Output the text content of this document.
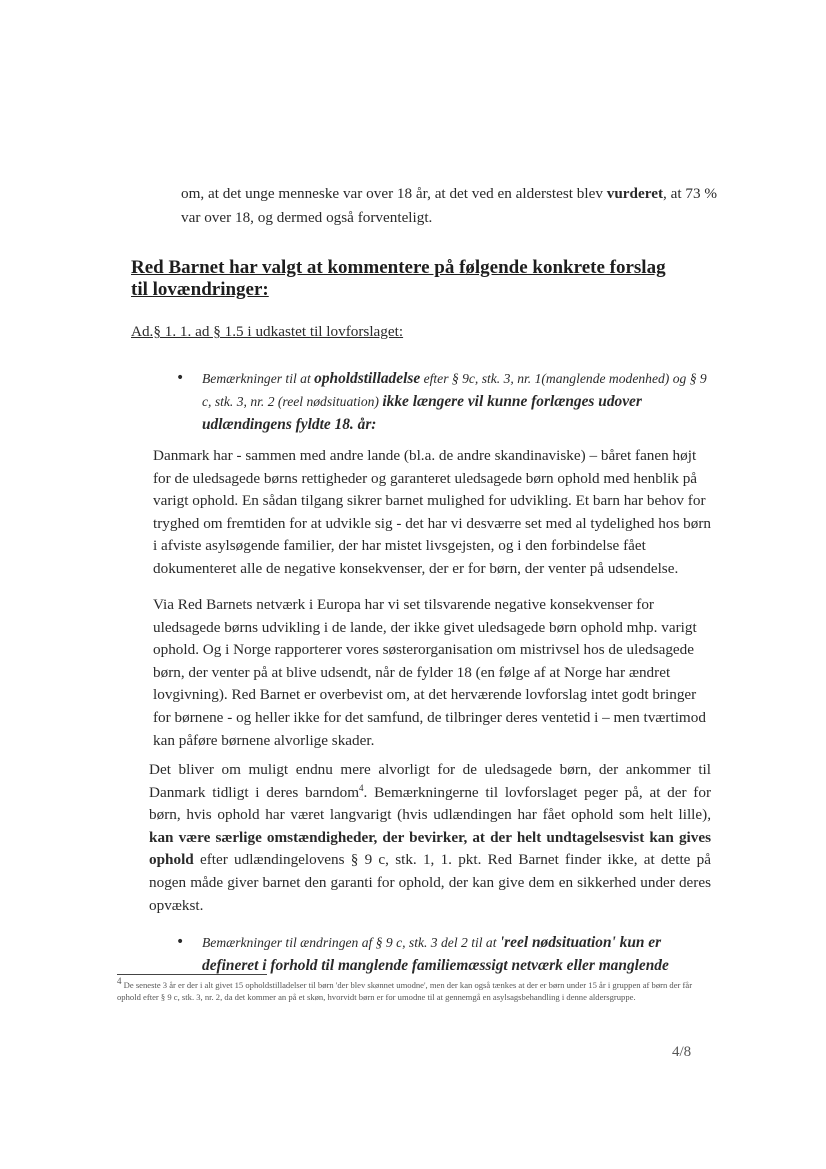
om, at det unge menneske var over 18 år, at det ved en alderstest blev vurderet, at 73 % var over 18, og dermed også forventeligt.

Red Barnet har valgt at kommentere på følgende konkrete forslag til lovændringer:

Ad.§ 1. 1. ad § 1.5 i udkastet til lovforslaget:

• Bemærkninger til at opholdstilladelse efter § 9c, stk. 3, nr. 1(manglende modenhed) og § 9 c, stk. 3, nr. 2 (reel nødsituation) ikke længere vil kunne forlænges udover udlændingens fyldte 18. år:

Danmark har - sammen med andre lande (bl.a. de andre skandinaviske) – båret fanen højt for de uledsagede børns rettigheder og garanteret uledsagede børn ophold med henblik på varigt ophold. En sådan tilgang sikrer barnet mulighed for udvikling. Et barn har behov for tryghed om fremtiden for at udvikle sig - det har vi desværre set med al tydelighed hos børn i afviste asylsøgende familier, der har mistet livsgejsten, og i den forbindelse fået dokumenteret alle de negative konsekvenser, der er for børn, der venter på udsendelse.

Via Red Barnets netværk i Europa har vi set tilsvarende negative konsekvenser for uledsagede børns udvikling i de lande, der ikke givet uledsagede børn ophold mhp. varigt ophold. Og i Norge rapporterer vores søsterorganisation om mistrivsel hos de uledsagede børn, der venter på at blive udsendt, når de fylder 18 (en følge af at Norge har ændret lovgivning). Red Barnet er overbevist om, at det herværende lovforslag intet godt bringer for børnene - og heller ikke for det samfund, de tilbringer deres ventetid i – men tværtimod kan påføre børnene alvorlige skader.

Det bliver om muligt endnu mere alvorligt for de uledsagede børn, der ankommer til Danmark tidligt i deres barndom$^4$. Bemærkningerne til lovforslaget peger på, at der for børn, hvis ophold har været langvarigt (hvis udlændingen har fået ophold som helt lille), kan være særlige omstændigheder, der bevirker, at der helt undtagelsesvist kan gives ophold efter udlændingelovens § 9 c, stk. 1, 1. pkt. Red Barnet finder ikke, at dette på nogen måde giver barnet den garanti for ophold, der kan give dem en sikkerhed under deres opvækst.

• Bemærkninger til ændringen af § 9 c, stk. 3 del 2 til at 'reel nødsituation' kun er defineret i forhold til manglende familiemæssigt netværk eller manglende

4 De seneste 3 år er der i alt givet 15 opholdstilladelser til børn 'der blev skønnet umodne', men der kan også tænkes at der er børn under 15 år i gruppen af børn der får ophold efter § 9 c, stk. 3, nr. 2, da det kommer an på et skøn, hvorvidt børn er for umodne til at gennemgå en asylsagsbehandling i denne aldersgruppe.

4/8
